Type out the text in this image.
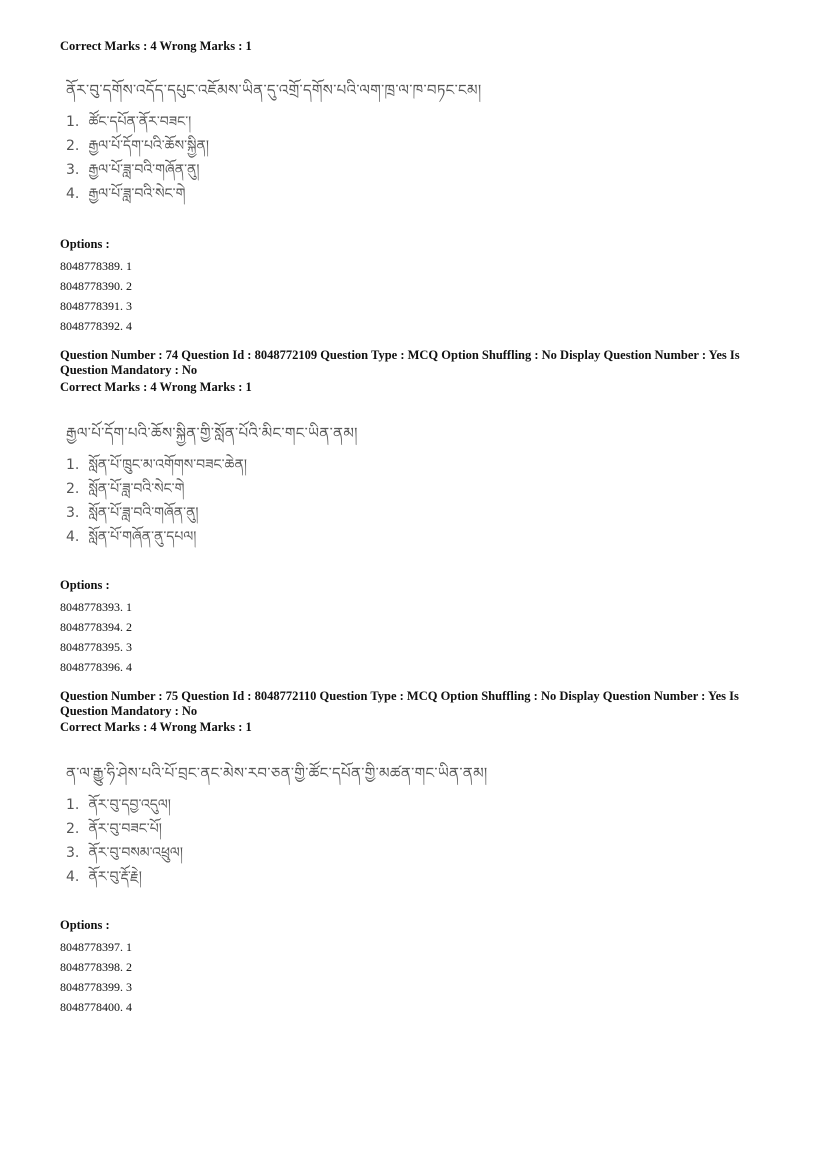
Correct Marks : 4 Wrong Marks : 1
ནོར་བུ་དགོས་འདོད་དཔུང་འཇོམས་ཡིན་དུ་འགྲོ་དགོས་པའི་ལག་ཁྲ་ལ་ཁ་བཏང་ངམ།
1. ཚོང་དཔོན་ནོར་བཟང་།
2. རྒྱལ་པོ་དོག་པའི་ཆོས་སྐྱིན།
3. རྒྱལ་པོ་ཟླ་བའི་གཞོན་ནུ།
4. རྒྱལ་པོ་ཟླ་བའི་སེང་གེ
Options :
8048778389. 1
8048778390. 2
8048778391. 3
8048778392. 4
Question Number : 74 Question Id : 8048772109 Question Type : MCQ Option Shuffling : No Display Question Number : Yes Is
Question Mandatory : No
Correct Marks : 4 Wrong Marks : 1
རྒྱལ་པོ་དོག་པའི་ཆོས་སྐྱིན་གྱི་སློན་པོའི་མིང་གང་ཡིན་ནམ།
1. སློན་པོ་ཁྲུང་མ་འགོགས་བཟང་ཆེན།
2. སློན་པོ་ཟླ་བའི་སེང་གེ
3. སློན་པོ་ཟླ་བའི་གཞོན་ནུ།
4. སློན་པོ་གཞོན་ནུ་དཔལ།
Options :
8048778393. 1
8048778394. 2
8048778395. 3
8048778396. 4
Question Number : 75 Question Id : 8048772110 Question Type : MCQ Option Shuffling : No Display Question Number : Yes Is
Question Mandatory : No
Correct Marks : 4 Wrong Marks : 1
ན་ལ་རྒྱུ་ཧི་ཤེས་པའི་པོ་བྲང་ནང་མེས་རབ་ཅན་གྱི་ཚོང་དཔོན་གྱི་མཚན་གང་ཡིན་ནམ།
1. ནོར་བུ་དབྱ་འདུལ།
2. ནོར་བུ་བཟང་པོ།
3. ནོར་བུ་བསམ་འཕྲུལ།
4. ནོར་བུ་རྡོ་རྗེ།
Options :
8048778397. 1
8048778398. 2
8048778399. 3
8048778400. 4
